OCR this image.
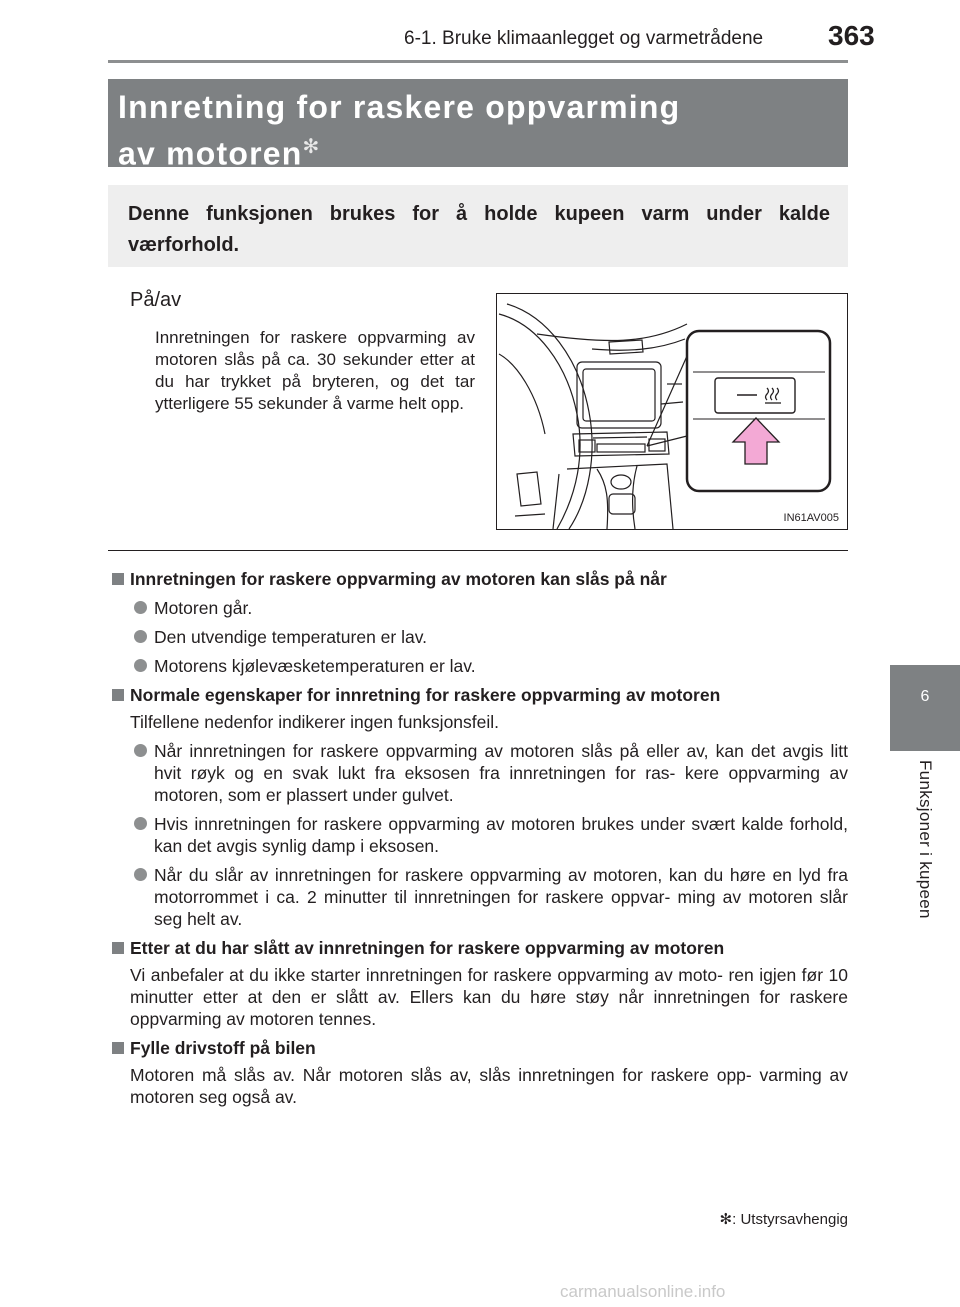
6-1. Bruke klimaanlegget og varmetrådene 363
6
Funksjoner i kupeen
Innretning for raskere oppvarming
av motoren✻
Denne funksjonen brukes for å holde kupeen varm under kalde værforhold.
På/av
Innretningen for raskere oppvarming av motoren slås på ca. 30 sekunder etter at du har trykket på bryteren, og det tar ytterligere 55 sekunder å varme helt opp.
IN61AV005
Innretningen for raskere oppvarming av motoren kan slås på når
Motoren går.
Den utvendige temperaturen er lav.
Motorens kjølevæsketemperaturen er lav.
Normale egenskaper for innretning for raskere oppvarming av motoren
Tilfellene nedenfor indikerer ingen funksjonsfeil.
Når innretningen for raskere oppvarming av motoren slås på eller av, kan det avgis litt hvit røyk og en svak lukt fra eksosen fra innretningen for ras- kere oppvarming av motoren, som er plassert under gulvet.
Hvis innretningen for raskere oppvarming av motoren brukes under svært kalde forhold, kan det avgis synlig damp i eksosen.
Når du slår av innretningen for raskere oppvarming av motoren, kan du høre en lyd fra motorrommet i ca. 2 minutter til innretningen for raskere oppvar- ming av motoren slår seg helt av.
Etter at du har slått av innretningen for raskere oppvarming av motoren
Vi anbefaler at du ikke starter innretningen for raskere oppvarming av moto- ren igjen før 10 minutter etter at den er slått av. Ellers kan du høre støy når innretningen for raskere oppvarming av motoren tennes.
Fylle drivstoff på bilen
Motoren må slås av. Når motoren slås av, slås innretningen for raskere opp- varming av motoren seg også av.
✻: Utstyrsavhengig
carmanualsonline.info
